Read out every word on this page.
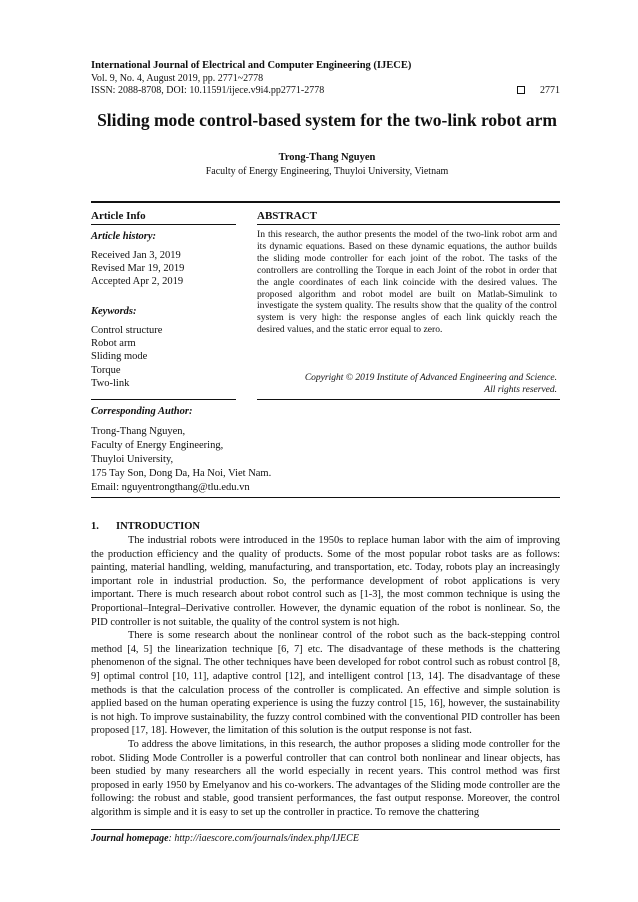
International Journal of Electrical and Computer Engineering (IJECE)
Vol. 9, No. 4, August 2019, pp. 2771~2778
ISSN: 2088-8708, DOI: 10.11591/ijece.v9i4.pp2771-2778	2771
Sliding mode control-based system for the two-link robot arm
Trong-Thang Nguyen
Faculty of Energy Engineering, Thuyloi University, Vietnam
Article Info
Article history:
Received Jan 3, 2019
Revised Mar 19, 2019
Accepted Apr 2, 2019
Keywords:
Control structure
Robot arm
Sliding mode
Torque
Two-link
ABSTRACT
In this research, the author presents the model of the two-link robot arm and its dynamic equations. Based on these dynamic equations, the author builds the sliding mode controller for each joint of the robot. The tasks of the controllers are controlling the Torque in each Joint of the robot in order that the angle coordinates of each link coincide with the desired values. The proposed algorithm and robot model are built on Matlab-Simulink to investigate the system quality. The results show that the quality of the control system is very high: the response angles of each link quickly reach the desired values, and the static error equal to zero.
Copyright © 2019 Institute of Advanced Engineering and Science.
All rights reserved.
Corresponding Author:
Trong-Thang Nguyen,
Faculty of Energy Engineering,
Thuyloi University,
175 Tay Son, Dong Da, Ha Noi, Viet Nam.
Email: nguyentrongthang@tlu.edu.vn
1. INTRODUCTION

The industrial robots were introduced in the 1950s to replace human labor with the aim of improving the production efficiency and the quality of products. Some of the most popular robot tasks are as follows: painting, material handling, welding, manufacturing, and transportation, etc. Today, robots play an increasingly important role in industrial production. So, the performance development of robot applications is very important. There is much research about robot control such as [1-3], the most common technique is using the Proportional–Integral–Derivative controller. However, the dynamic equation of the robot is nonlinear. So, the PID controller is not suitable, the quality of the control system is not high.

There is some research about the nonlinear control of the robot such as the back-stepping control method [4, 5] the linearization technique [6, 7] etc. The disadvantage of these methods is the chattering phenomenon of the signal. The other techniques have been developed for robot control such as robust control [8, 9] optimal control [10, 11], adaptive control [12], and intelligent control [13, 14]. The disadvantage of these methods is that the calculation process of the controller is complicated. An effective and simple solution is applied based on the human operating experience is using the fuzzy control [15, 16], however, the sustainability is not high. To improve sustainability, the fuzzy control combined with the conventional PID controller has been proposed [17, 18]. However, the limitation of this solution is the output response is not fast.

To address the above limitations, in this research, the author proposes a sliding mode controller for the robot. Sliding Mode Controller is a powerful controller that can control both nonlinear and linear objects, has been studied by many researchers all the world especially in recent years. This control method was first proposed in early 1950 by Emelyanov and his co-workers. The advantages of the Sliding mode controller are the following: the robust and stable, good transient performances, the fast output response. Moreover, the control algorithm is simple and it is easy to set up the controller in practice. To remove the chattering

Journal homepage: http://iaescore.com/journals/index.php/IJECE
